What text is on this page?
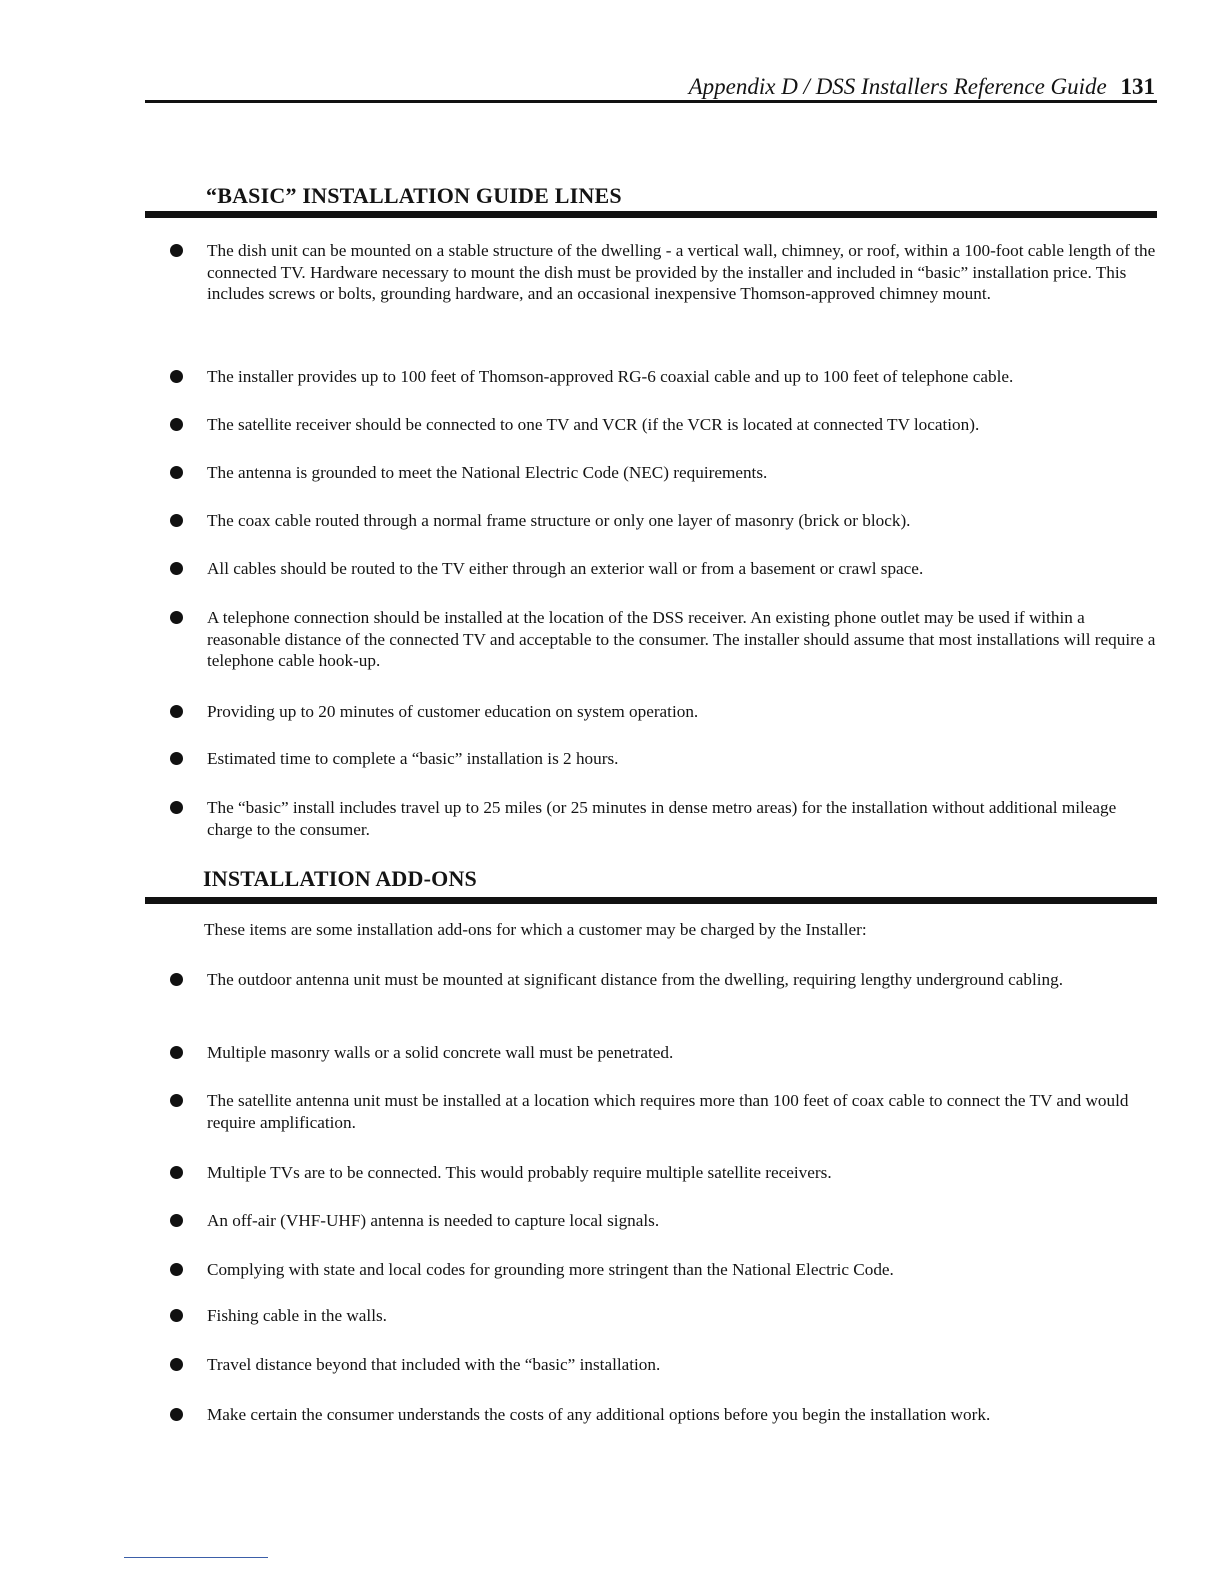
Appendix D / DSS Installers Reference Guide 131
“BASIC” INSTALLATION GUIDE LINES
The dish unit can be mounted on a stable structure of the dwelling - a vertical wall, chimney, or roof, within a 100-foot cable length of the connected TV. Hardware necessary to mount the dish must be provided by the installer and included in “basic” installation price. This includes screws or bolts, grounding hardware, and an occasional inexpensive Thomson-approved chimney mount.
The installer provides up to 100 feet of Thomson-approved RG-6 coaxial cable and up to 100 feet of telephone cable.
The satellite receiver should be connected to one TV and VCR (if the VCR is located at connected TV location).
The antenna is grounded to meet the National Electric Code (NEC) requirements.
The coax cable routed through a normal frame structure or only one layer of masonry (brick or block).
All cables should be routed to the TV either through an exterior wall or from a basement or crawl space.
A telephone connection should be installed at the location of the DSS receiver. An existing phone outlet may be used if within a reasonable distance of the connected TV and acceptable to the consumer. The installer should assume that most installations will require a telephone cable hook-up.
Providing up to 20 minutes of customer education on system operation.
Estimated time to complete a “basic” installation is 2 hours.
The “basic” install includes travel up to 25 miles (or 25 minutes in dense metro areas) for the installation without additional mileage charge to the consumer.
INSTALLATION ADD-ONS
These items are some installation add-ons for which a customer may be charged by the Installer:
The outdoor antenna unit must be mounted at significant distance from the dwelling, requiring lengthy underground cabling.
Multiple masonry walls or a solid concrete wall must be penetrated.
The satellite antenna unit must be installed at a location which requires more than 100 feet of coax cable to connect the TV and would require amplification.
Multiple TVs are to be connected. This would probably require multiple satellite receivers.
An off-air (VHF-UHF) antenna is needed to capture local signals.
Complying with state and local codes for grounding more stringent than the National Electric Code.
Fishing cable in the walls.
Travel distance beyond that included with the “basic” installation.
Make certain the consumer understands the costs of any additional options before you begin the installation work.
